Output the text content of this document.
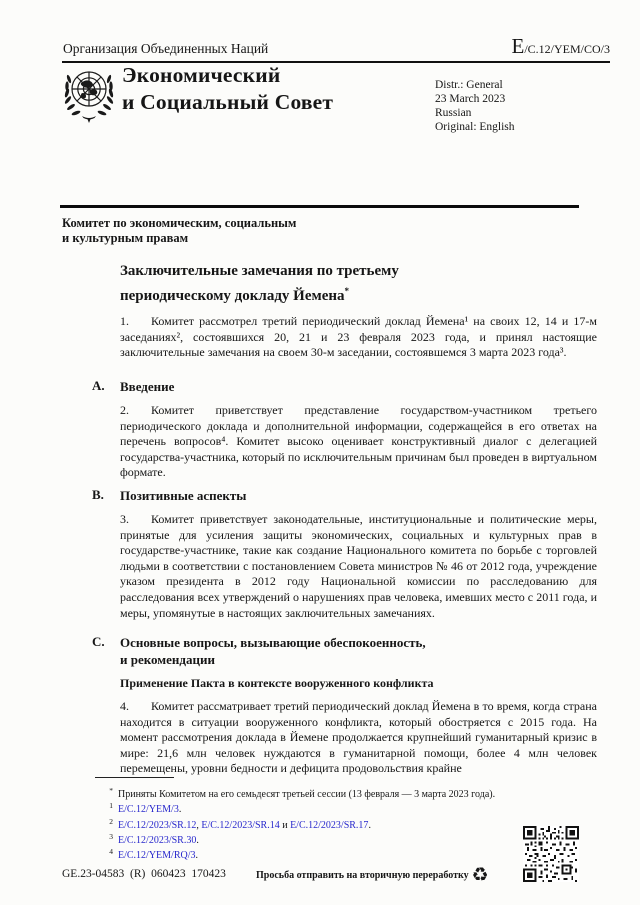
Организация Объединенных Наций	E/C.12/YEM/CO/3
Экономический
и Социальный Совет
Distr.: General
23 March 2023
Russian
Original: English
Комитет по экономическим, социальным
и культурным правам
Заключительные замечания по третьему
периодическому докладу Йемена*

1. Комитет рассмотрел третий периодический доклад Йемена¹ на своих 12, 14 и 17-м заседаниях², состоявшихся 20, 21 и 23 февраля 2023 года, и принял настоящие заключительные замечания на своем 30-м заседании, состоявшемся 3 марта 2023 года³.

A.	Введение

2. Комитет приветствует представление государством-участником третьего периодического доклада и дополнительной информации, содержащейся в его ответах на перечень вопросов⁴. Комитет высоко оценивает конструктивный диалог с делегацией государства-участника, который по исключительным причинам был проведен в виртуальном формате.

B.	Позитивные аспекты

3. Комитет приветствует законодательные, институциональные и политические меры, принятые для усиления защиты экономических, социальных и культурных прав в государстве-участнике, такие как создание Национального комитета по борьбе с торговлей людьми в соответствии с постановлением Совета министров № 46 от 2012 года, учреждение указом президента в 2012 году Национальной комиссии по расследованию для расследования всех утверждений о нарушениях прав человека, имевших место с 2011 года, и меры, упомянутые в настоящих заключительных замечаниях.

C.	Основные вопросы, вызывающие обеспокоенность,
и рекомендации
Применение Пакта в контексте вооруженного конфликта

4. Комитет рассматривает третий периодический доклад Йемена в то время, когда страна находится в ситуации вооруженного конфликта, который обостряется с 2015 года. На момент рассмотрения доклада в Йемене продолжается крупнейший гуманитарный кризис в мире: 21,6 млн человек нуждаются в гуманитарной помощи, более 4 млн человек перемещены, уровни бедности и дефицита продовольствия крайне

* Приняты Комитетом на его семьдесят третьей сессии (13 февраля — 3 марта 2023 года).
1 E/C.12/YEM/3.
2 E/C.12/2023/SR.12, E/C.12/2023/SR.14 и E/C.12/2023/SR.17.
3 E/C.12/2023/SR.30.
4 E/C.12/YEM/RQ/3.
GE.23-04583  (R)  060423  170423	Просьба отправить на вторичную переработку ♻
